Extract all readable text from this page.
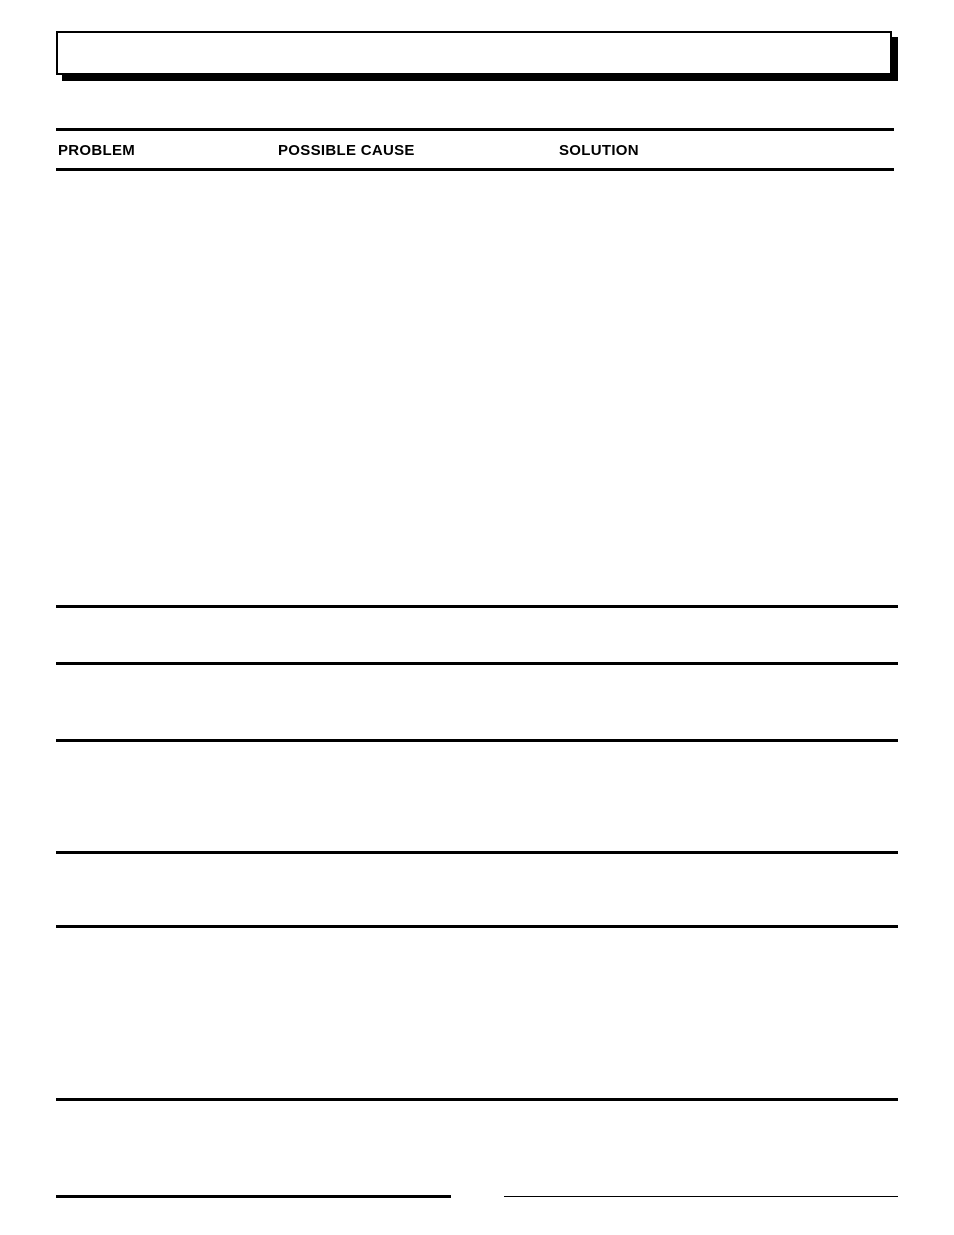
PROBLEM	POSSIBLE CAUSE	SOLUTION
